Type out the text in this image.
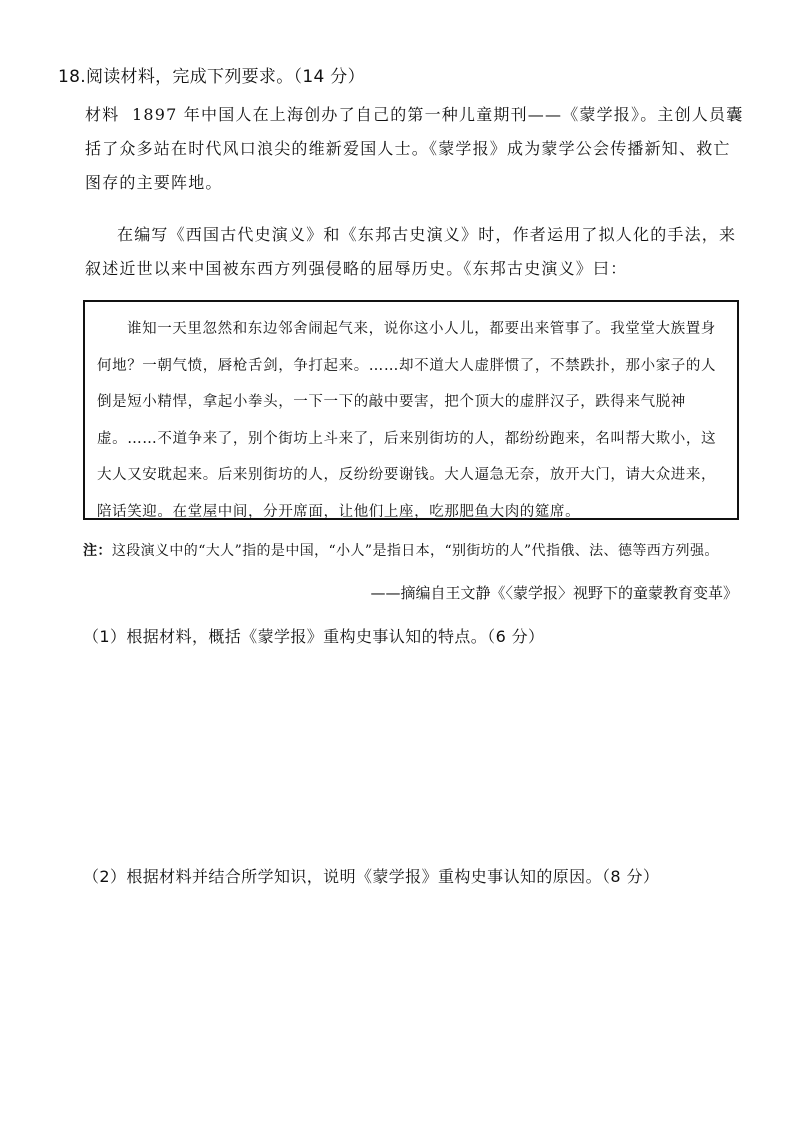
18.阅读材料，完成下列要求。（14 分）
材料 1897 年中国人在上海创办了自己的第一种儿童期刊——《蒙学报》。主创人员囊括了众多站在时代风口浪尖的维新爱国人士。《蒙学报》成为蒙学公会传播新知、救亡图存的主要阵地。
在编写《西国古代史演义》和《东邦古史演义》时，作者运用了拟人化的手法，来叙述近世以来中国被东西方列强侵略的屈辱历史。《东邦古史演义》曰：
谁知一天里忽然和东边邻舍闹起气来，说你这小人儿，都要出来管事了。我堂堂大族置身何地？一朝气愤，唇枪舌剑，争打起来。……却不道大人虚胖惯了，不禁跌扑，那小家子的人倒是短小精悍，拿起小拳头，一下一下的敲中要害，把个顶大的虚胖汉子，跌得来气脱神虚。……不道争来了，别个街坊上斗来了，后来别街坊的人，都纷纷跑来，名叫帮大欺小，这大人又安耽起来。后来别街坊的人，反纷纷要谢钱。大人逼急无奈，放开大门，请大众进来，陪话笑迎。在堂屋中间，分开席面，让他们上座，吃那肥鱼大肉的筵席。
注：这段演义中的“大人”指的是中国，“小人”是指日本，“别街坊的人”代指俄、法、德等西方列强。
——摘编自王文静《〈蒙学报〉视野下的童蒙教育变革》
（1）根据材料，概括《蒙学报》重构史事认知的特点。（6 分）
（2）根据材料并结合所学知识，说明《蒙学报》重构史事认知的原因。（8 分）
